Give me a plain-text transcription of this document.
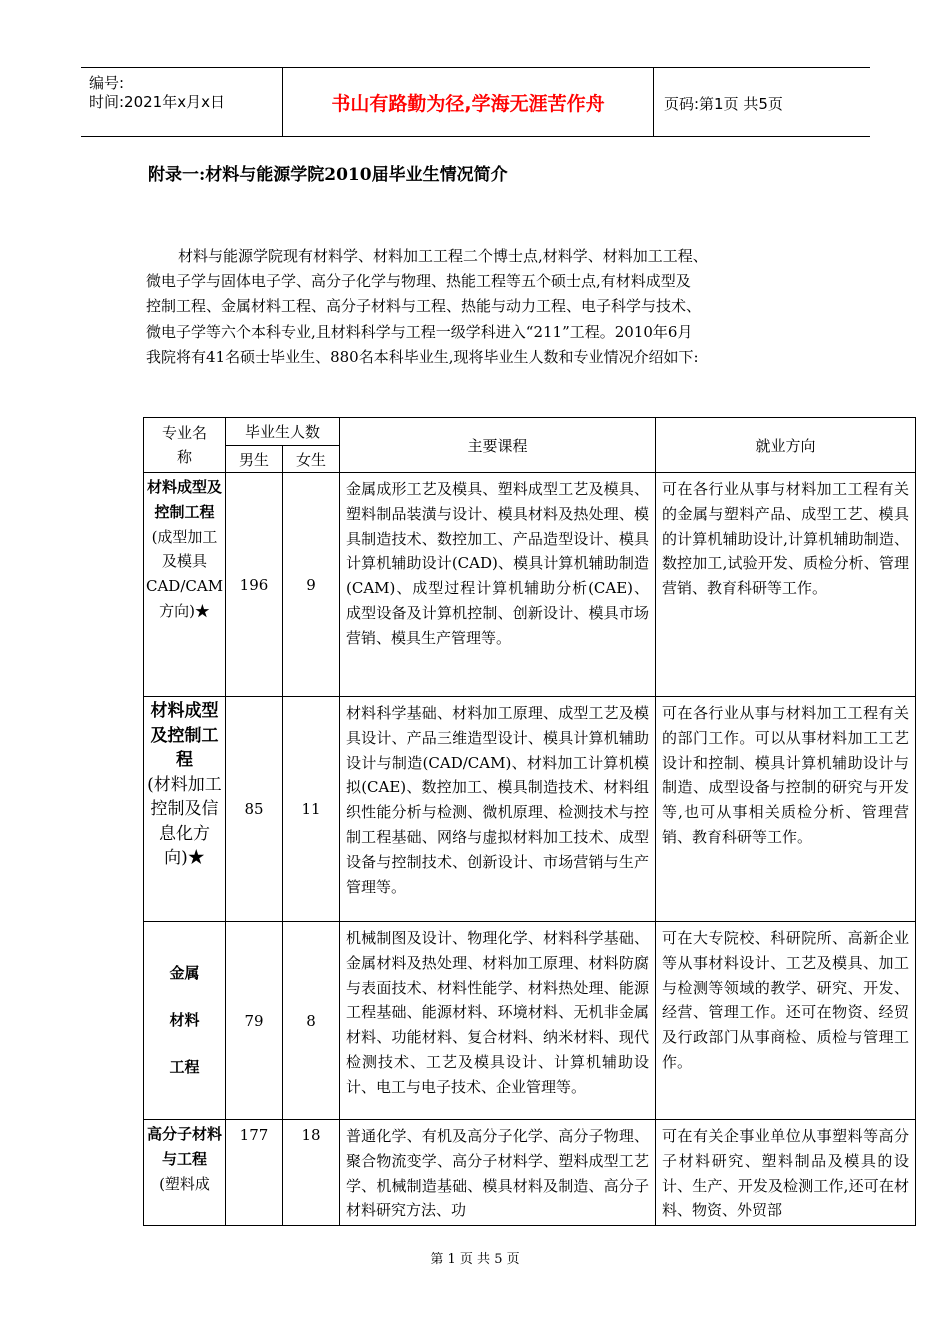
编号:
时间:2021年x月x日	书山有路勤为径,学海无涯苦作舟	页码:第1页 共5页
附录一:材料与能源学院2010届毕业生情况简介
材料与能源学院现有材料学、材料加工工程二个博士点,材料学、材料加工工程、
微电子学与固体电子学、高分子化学与物理、热能工程等五个硕士点,有材料成型及
控制工程、金属材料工程、高分子材料与工程、热能与动力工程、电子科学与技术、
微电子学等六个本科专业,且材料科学与工程一级学科进入“211”工程。2010年6月
我院将有41名硕士毕业生、880名本科毕业生,现将毕业生人数和专业情况介绍如下:
专业名称	毕业生人数		主要课程	就业方向
	男生	女生		

材料成型及控制工程
(成型加工及模具CAD/CAM方向)★	196	9	金属成形工艺及模具、塑料成型工艺及模具、塑料制品装潢与设计、模具材料及热处理、模具制造技术、数控加工、产品造型设计、模具计算机辅助设计(CAD)、模具计算机辅助制造(CAM)、成型过程计算机辅助分析(CAE)、成型设备及计算机控制、创新设计、模具市场营销、模具生产管理等。	可在各行业从事与材料加工工程有关的金属与塑料产品、成型工艺、模具的计算机辅助设计,计算机辅助制造、数控加工,试验开发、质检分析、管理营销、教育科研等工作。

材料成型及控制工程
(材料加工控制及信息化方向)★	85	11	材料科学基础、材料加工原理、成型工艺及模具设计、产品三维造型设计、模具计算机辅助设计与制造(CAD/CAM)、材料加工计算机模拟(CAE)、数控加工、模具制造技术、材料组织性能分析与检测、微机原理、检测技术与控制工程基础、网络与虚拟材料加工技术、成型设备与控制技术、创新设计、市场营销与生产管理等。	可在各行业从事与材料加工工程有关的部门工作。可以从事材料加工工艺设计和控制、模具计算机辅助设计与制造、成型设备与控制的研究与开发等,也可从事相关质检分析、管理营销、教育科研等工作。

金属材料工程	79	8	机械制图及设计、物理化学、材料科学基础、金属材料及热处理、材料加工原理、材料防腐与表面技术、材料性能学、材料热处理、能源工程基础、能源材料、环境材料、无机非金属材料、功能材料、复合材料、纳米材料、现代检测技术、工艺及模具设计、计算机辅助设计、电工与电子技术、企业管理等。	可在大专院校、科研院所、高新企业等从事材料设计、工艺及模具、加工与检测等领域的教学、研究、开发、经营、管理工作。还可在物资、经贸及行政部门从事商检、质检与管理工作。

高分子材料与工程
(塑料成	177	18	普通化学、有机及高分子化学、高分子物理、聚合物流变学、高分子材料学、塑料成型工艺学、机械制造基础、模具材料及制造、高分子材料研究方法、功	可在有关企事业单位从事塑料等高分子材料研究、塑料制品及模具的设计、生产、开发及检测工作,还可在材料、物资、外贸部
第 1 页 共 5 页
